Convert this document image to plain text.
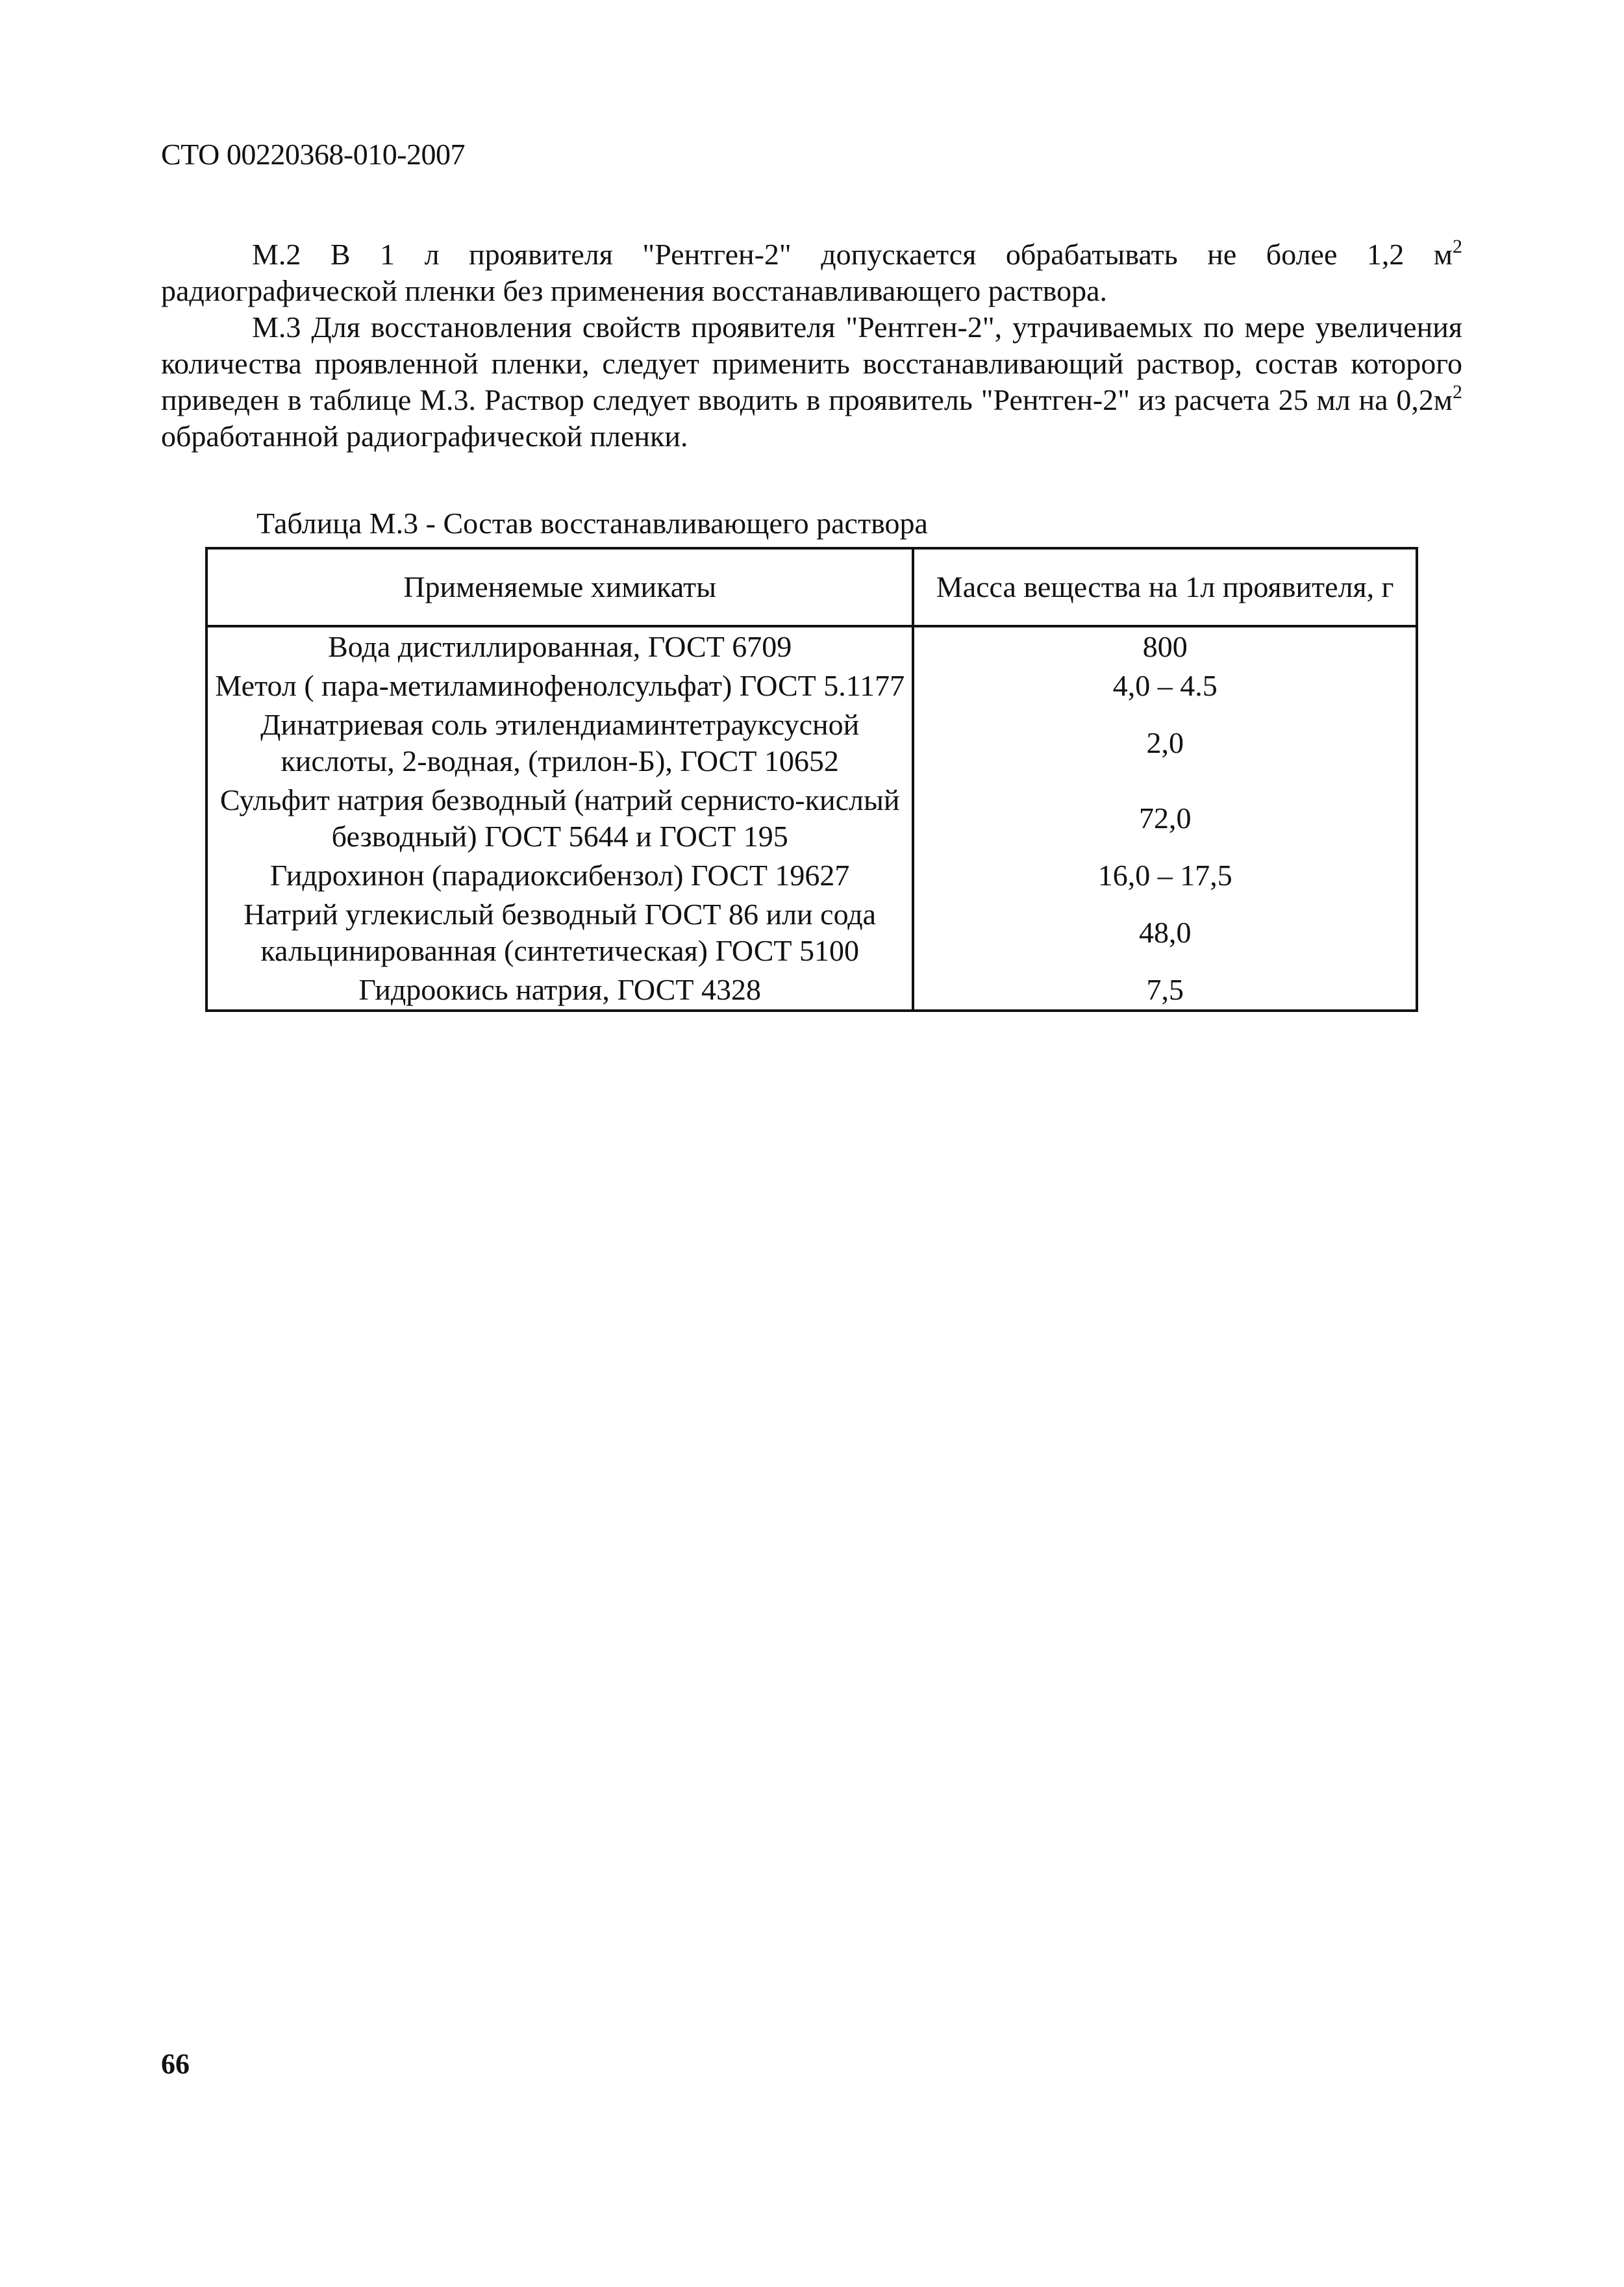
СТО 00220368-010-2007

М.2 В 1 л проявителя "Рентген-2" допускается обрабатывать не более 1,2 $м^2$ радиографической пленки без применения восстанавливающего раствора.

М.3 Для восстановления свойств проявителя "Рентген-2", утрачиваемых по мере увеличения количества проявленной пленки, следует применить восстанавливающий раствор, состав которого приведен в таблице М.3. Раствор следует вводить в проявитель "Рентген-2" из расчета 25 мл на $0,2м^2$ обработанной радиографической пленки.

Таблица М.3 - Состав восстанавливающего раствора
Применяемые химикаты	Масса вещества на 1л проявителя, г
Вода дистиллированная, ГОСТ 6709	800
Метол ( пара-метиламинофенолсульфат) ГОСТ 5.1177	4,0 – 4.5
Динатриевая соль этилендиаминтетрауксусной кислоты, 2-водная, (трилон-Б), ГОСТ 10652	2,0
Сульфит натрия безводный (натрий сернисто-кислый безводный) ГОСТ 5644 и ГОСТ 195	72,0
Гидрохинон (парадиоксибензол) ГОСТ 19627	16,0 – 17,5
Натрий углекислый безводный ГОСТ 86 или сода кальцинированная (синтетическая) ГОСТ 5100	48,0
Гидроокись натрия, ГОСТ 4328	7,5
66
